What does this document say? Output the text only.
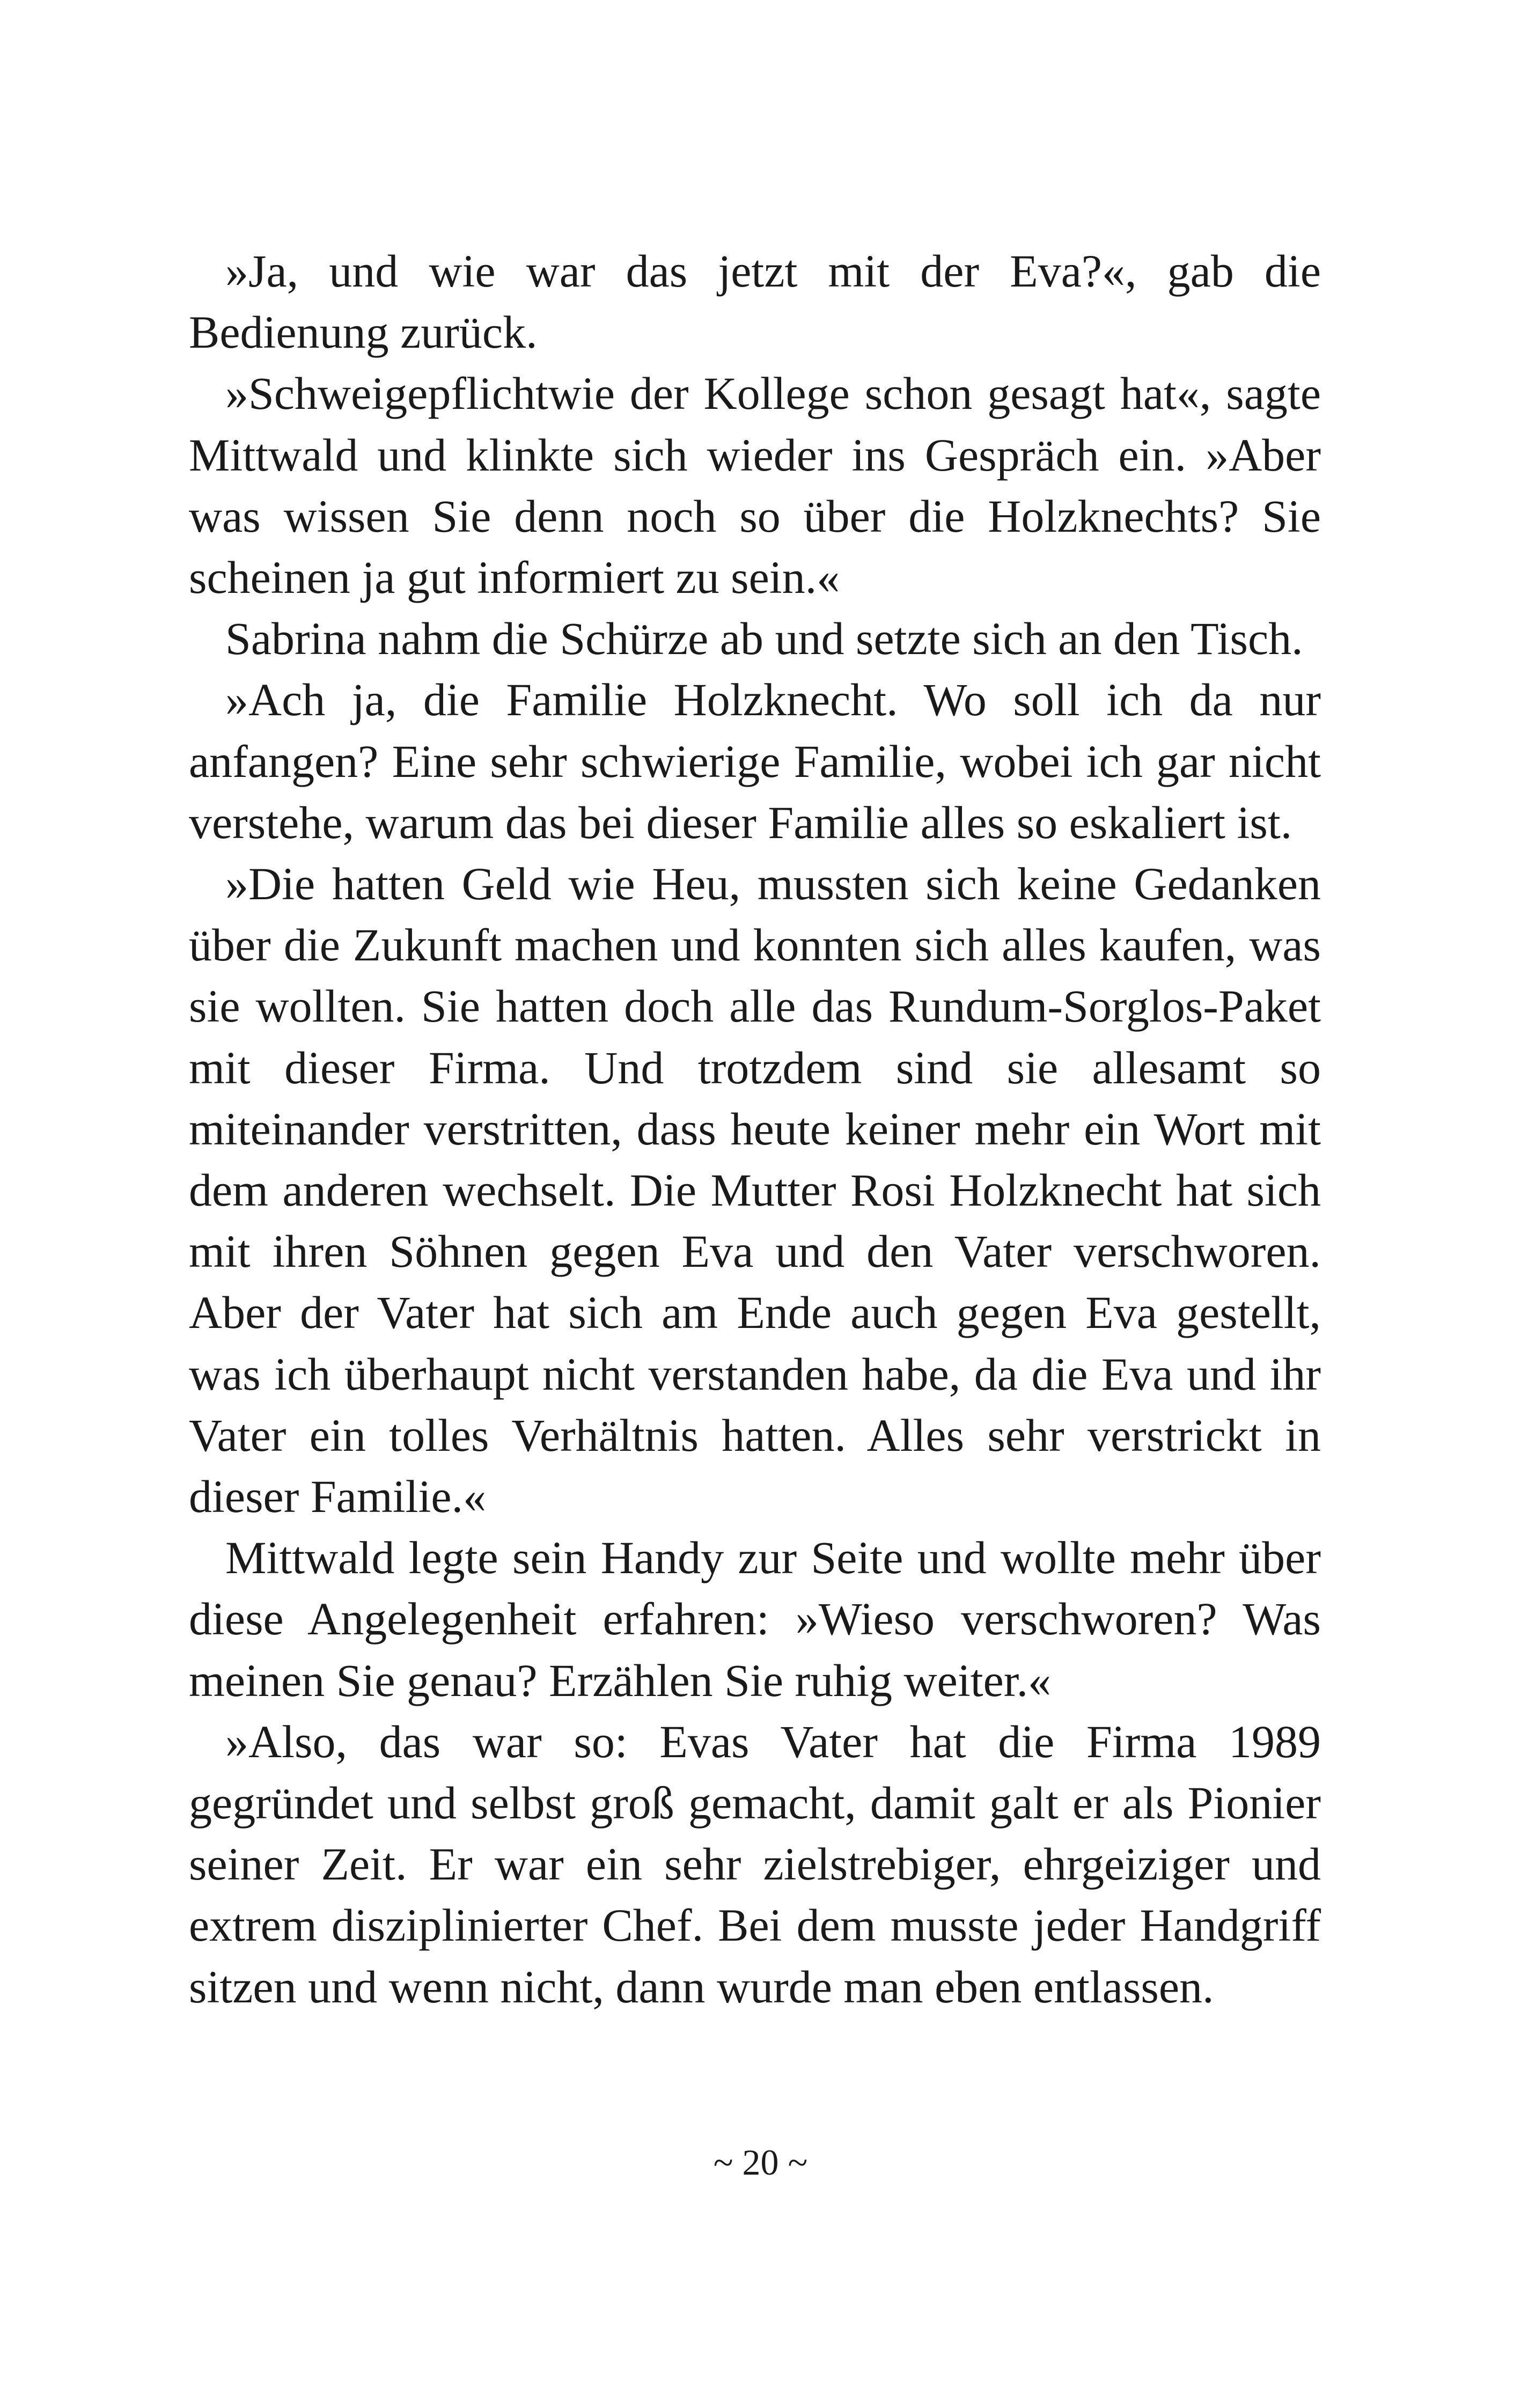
»Ja, und wie war das jetzt mit der Eva?«, gab die Bedienung zurück.

»Schweigepflichtwie der Kollege schon gesagt hat«, sagte Mittwald und klinkte sich wieder ins Gespräch ein. »Aber was wissen Sie denn noch so über die Holzknechts? Sie scheinen ja gut informiert zu sein.«

Sabrina nahm die Schürze ab und setzte sich an den Tisch.

»Ach ja, die Familie Holzknecht. Wo soll ich da nur anfangen? Eine sehr schwierige Familie, wobei ich gar nicht verstehe, warum das bei dieser Familie alles so eskaliert ist.

»Die hatten Geld wie Heu, mussten sich keine Gedanken über die Zukunft machen und konnten sich alles kaufen, was sie wollten. Sie hatten doch alle das Rundum-Sorglos-Paket mit dieser Firma. Und trotzdem sind sie allesamt so miteinander verstritten, dass heute keiner mehr ein Wort mit dem anderen wechselt. Die Mutter Rosi Holzknecht hat sich mit ihren Söhnen gegen Eva und den Vater verschworen. Aber der Vater hat sich am Ende auch gegen Eva gestellt, was ich überhaupt nicht verstanden habe, da die Eva und ihr Vater ein tolles Verhältnis hatten. Alles sehr verstrickt in dieser Familie.«

Mittwald legte sein Handy zur Seite und wollte mehr über diese Angelegenheit erfahren: »Wieso verschworen? Was meinen Sie genau? Erzählen Sie ruhig weiter.«

»Also, das war so: Evas Vater hat die Firma 1989 gegründet und selbst groß gemacht, damit galt er als Pionier seiner Zeit. Er war ein sehr zielstrebiger, ehrgeiziger und extrem disziplinierter Chef. Bei dem musste jeder Handgriff sitzen und wenn nicht, dann wurde man eben entlassen.

~ 20 ~
